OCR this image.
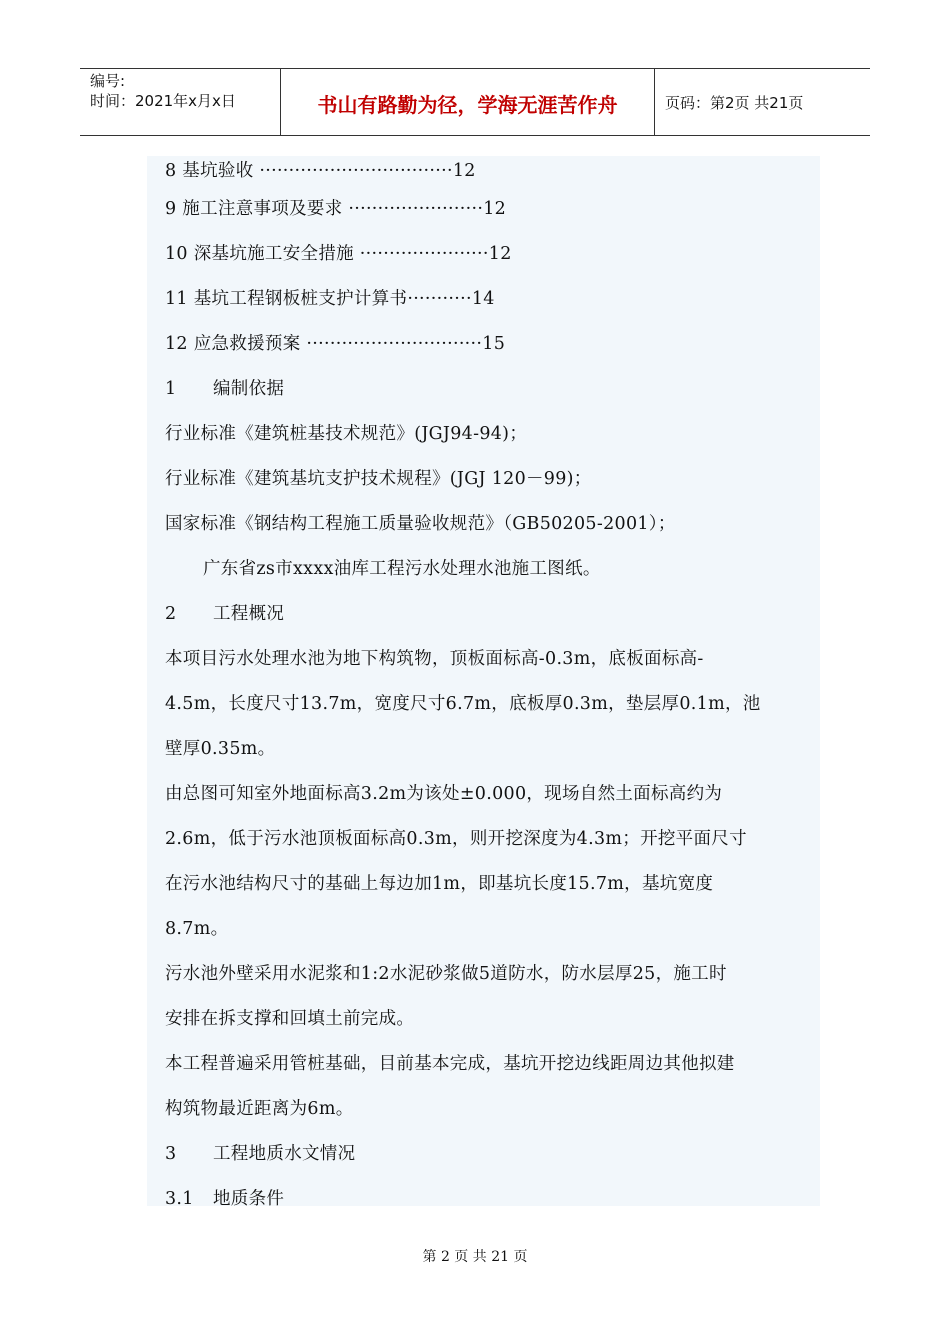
编号:
时间：2021年x月x日	书山有路勤为径，学海无涯苦作舟	页码：第2页 共21页
8 基坑验收 ·································12
9 施工注意事项及要求 ·······················12
10 深基坑施工安全措施 ······················12
11 基坑工程钢板桩支护计算书···········14
12 应急救援预案 ······························15
1 编制依据
行业标准《建筑桩基技术规范》(JGJ94-94)；
行业标准《建筑基坑支护技术规程》(JGJ 120－99)；
国家标准《钢结构工程施工质量验收规范》（GB50205-2001）；
广东省zs市xxxx油库工程污水处理水池施工图纸。
2 工程概况
本项目污水处理水池为地下构筑物，顶板面标高-0.3m，底板面标高-
4.5m，长度尺寸13.7m，宽度尺寸6.7m，底板厚0.3m，垫层厚0.1m，池
壁厚0.35m。
由总图可知室外地面标高3.2m为该处±0.000，现场自然土面标高约为
2.6m，低于污水池顶板面标高0.3m，则开挖深度为4.3m；开挖平面尺寸
在污水池结构尺寸的基础上每边加1m，即基坑长度15.7m，基坑宽度
8.7m。
污水池外壁采用水泥浆和1:2水泥砂浆做5道防水，防水层厚25，施工时
安排在拆支撑和回填土前完成。
本工程普遍采用管桩基础，目前基本完成，基坑开挖边线距周边其他拟建
构筑物最近距离为6m。
3 工程地质水文情况
3.1 地质条件
第 2 页 共 21 页
